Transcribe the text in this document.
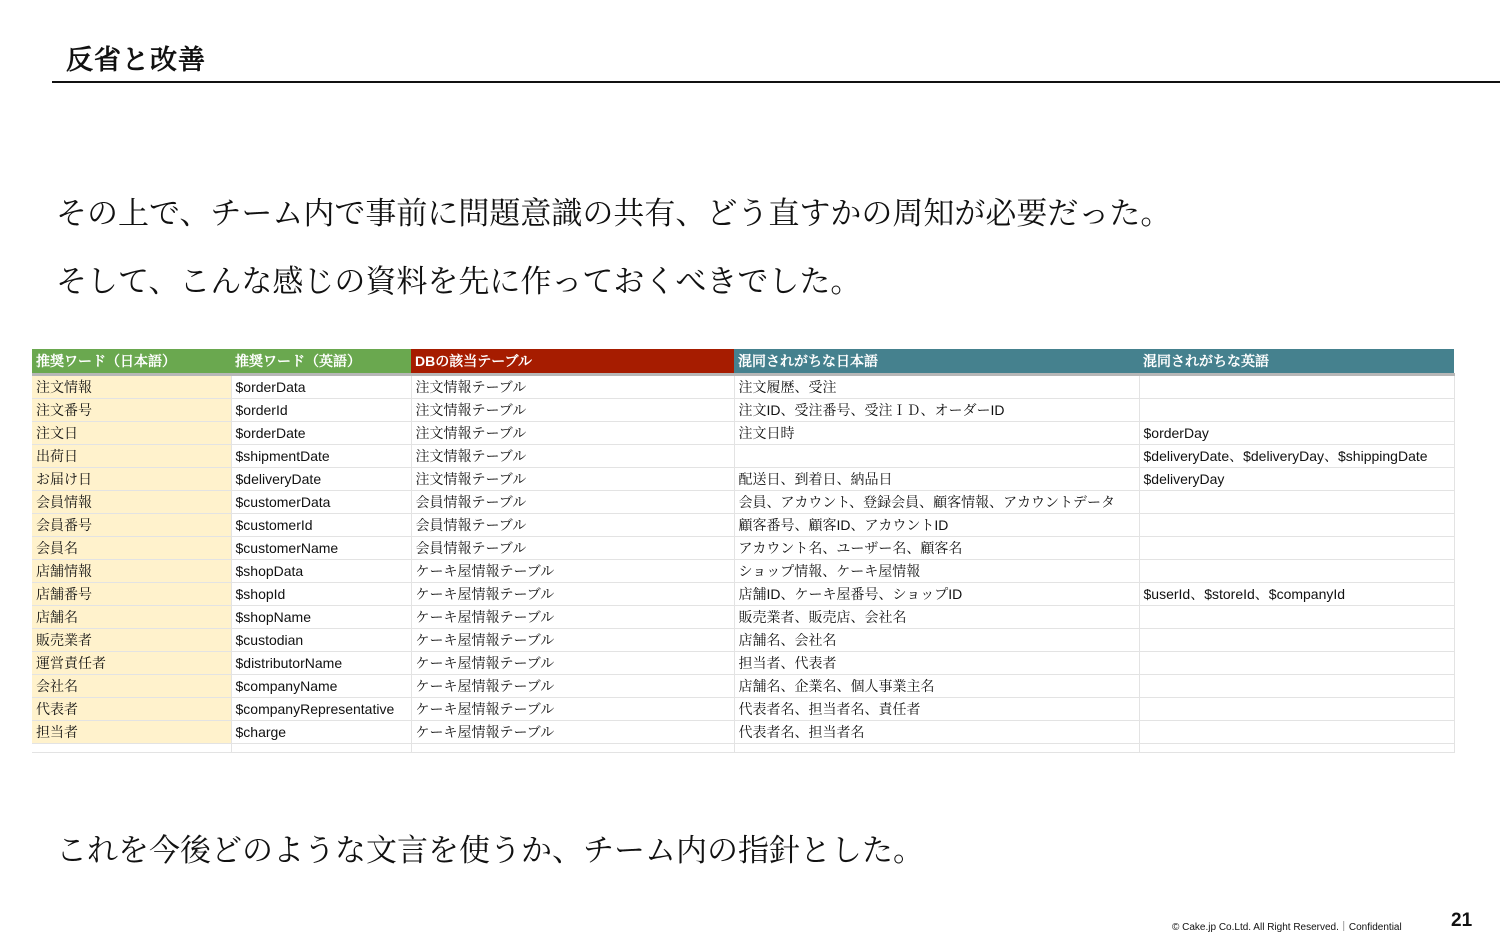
反省と改善
その上で、チーム内で事前に問題意識の共有、どう直すかの周知が必要だった。
そして、こんな感じの資料を先に作っておくべきでした。
推奨ワード（日本語）	推奨ワード（英語）	DBの該当テーブル	混同されがちな日本語	混同されがちな英語
注文情報	$orderData	注文情報テーブル	注文履歴、受注	
注文番号	$orderId	注文情報テーブル	注文ID、受注番号、受注ＩＤ、オーダーID	
注文日	$orderDate	注文情報テーブル	注文日時	$orderDay
出荷日	$shipmentDate	注文情報テーブル		$deliveryDate、$deliveryDay、$shippingDate
お届け日	$deliveryDate	注文情報テーブル	配送日、到着日、納品日	$deliveryDay
会員情報	$customerData	会員情報テーブル	会員、アカウント、登録会員、顧客情報、アカウントデータ	
会員番号	$customerId	会員情報テーブル	顧客番号、顧客ID、アカウントID	
会員名	$customerName	会員情報テーブル	アカウント名、ユーザー名、顧客名	
店舗情報	$shopData	ケーキ屋情報テーブル	ショップ情報、ケーキ屋情報	
店舗番号	$shopId	ケーキ屋情報テーブル	店舗ID、ケーキ屋番号、ショップID	$userId、$storeId、$companyId
店舗名	$shopName	ケーキ屋情報テーブル	販売業者、販売店、会社名	
販売業者	$custodian	ケーキ屋情報テーブル	店舗名、会社名	
運営責任者	$distributorName	ケーキ屋情報テーブル	担当者、代表者	
会社名	$companyName	ケーキ屋情報テーブル	店舗名、企業名、個人事業主名	
代表者	$companyRepresentative	ケーキ屋情報テーブル	代表者名、担当者名、責任者	
担当者	$charge	ケーキ屋情報テーブル	代表者名、担当者名	

これを今後どのような文言を使うか、チーム内の指針とした。
© Cake.jp Co.Ltd. All Right Reserved.｜Confidential	21
